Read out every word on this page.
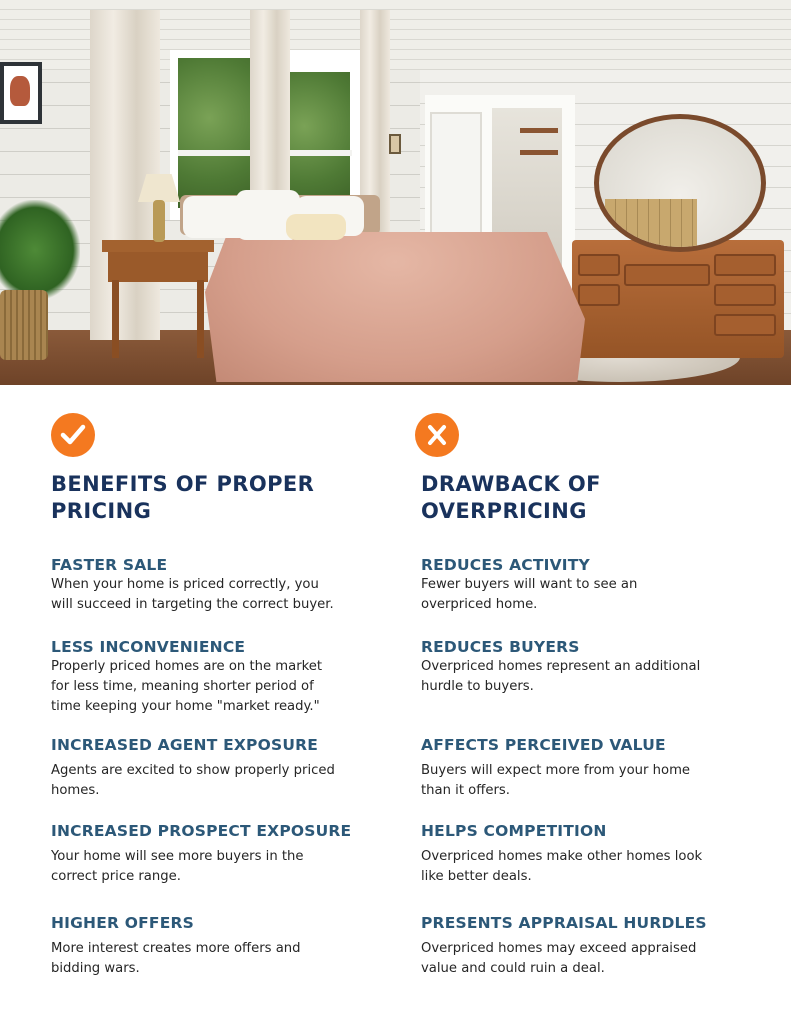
BENEFITS OF PROPER
PRICING
FASTER SALE
When your home is priced correctly, you
will succeed in targeting the correct buyer.
LESS INCONVENIENCE
Properly priced homes are on the market
for less time, meaning shorter period of
time keeping your home "market ready."
INCREASED AGENT EXPOSURE
Agents are excited to show properly priced
homes.
INCREASED PROSPECT EXPOSURE
Your home will see more buyers in the
correct price range.
HIGHER OFFERS
More interest creates more offers and
bidding wars.
DRAWBACK OF
OVERPRICING
REDUCES ACTIVITY
Fewer buyers will want to see an
overpriced home.
REDUCES BUYERS
Overpriced homes represent an additional
hurdle to buyers.
AFFECTS PERCEIVED VALUE
Buyers will expect more from your home
than it offers.
HELPS COMPETITION
Overpriced homes make other homes look
like better deals.
PRESENTS APPRAISAL HURDLES
Overpriced homes may exceed appraised
value and could ruin a deal.
